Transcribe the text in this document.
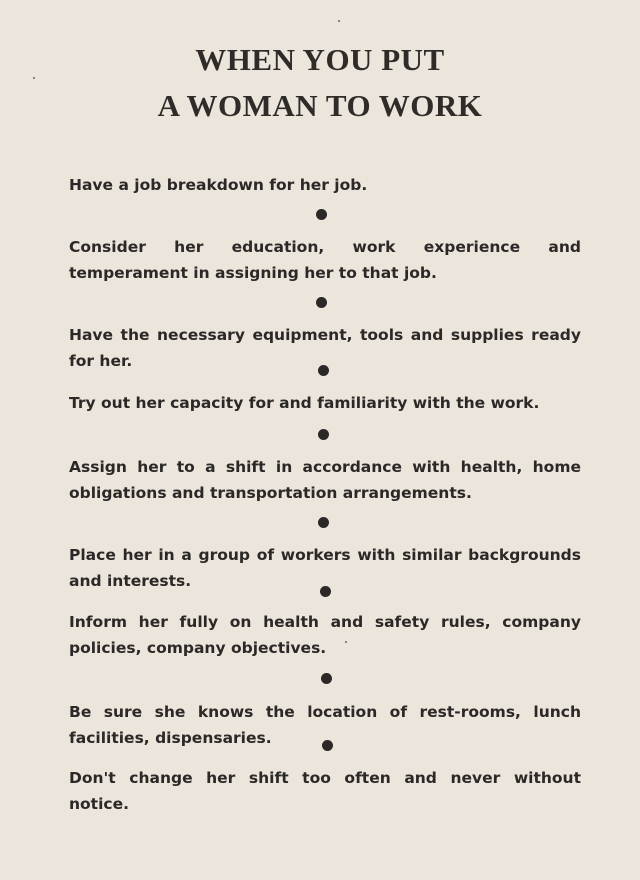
WHEN YOU PUT
A WOMAN TO WORK

Have a job breakdown for her job.

Consider her education, work experience and temperament in assigning her to that job.

Have the necessary equipment, tools and supplies ready for her.

Try out her capacity for and familiarity with the work.

Assign her to a shift in accordance with health, home obligations and transportation arrangements.

Place her in a group of workers with similar backgrounds and interests.

Inform her fully on health and safety rules, company policies, company objectives.

Be sure she knows the location of rest-rooms, lunch facilities, dispensaries.

Don't change her shift too often and never without notice.
